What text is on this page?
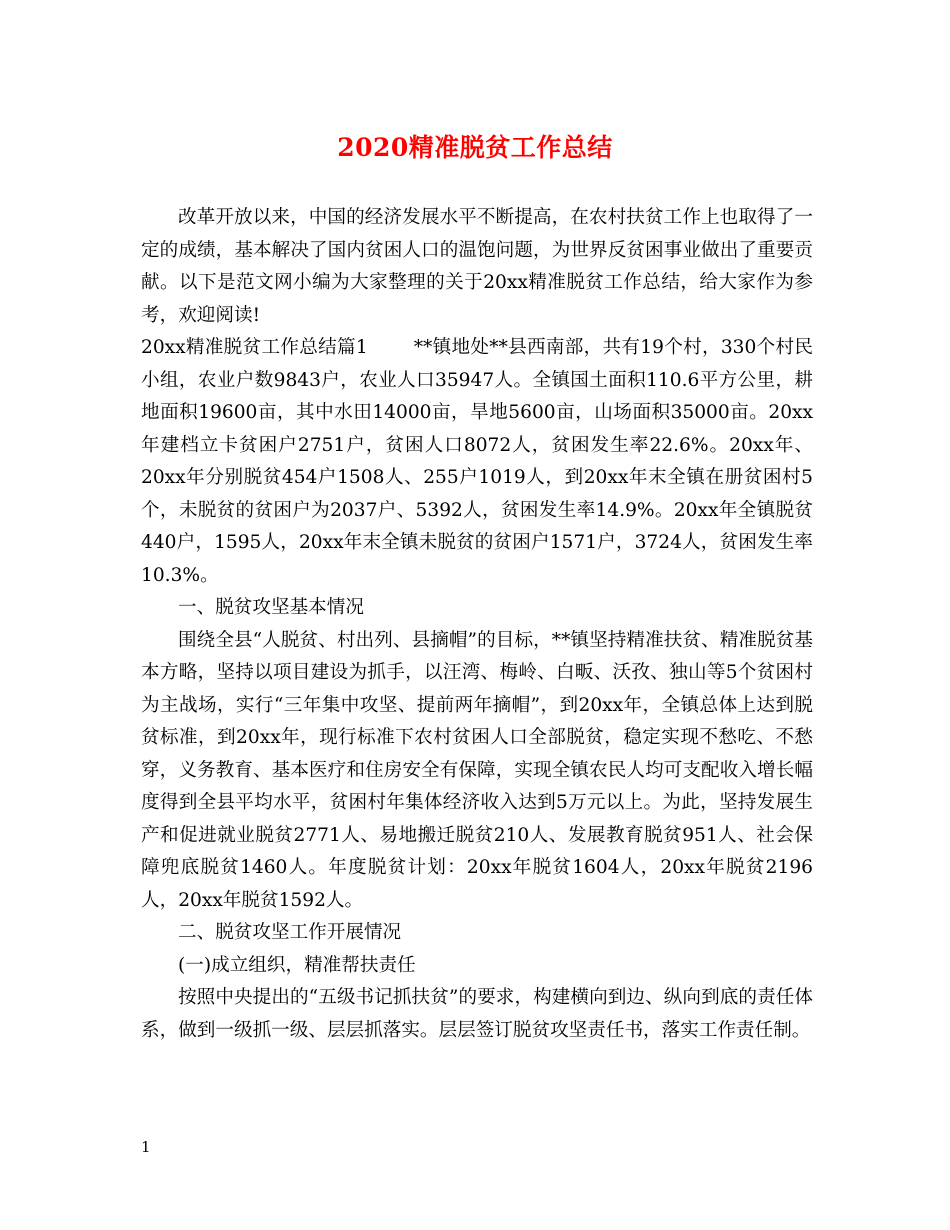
2020精准脱贫工作总结

改革开放以来，中国的经济发展水平不断提高，在农村扶贫工作上也取得了一定的成绩，基本解决了国内贫困人口的温饱问题，为世界反贫困事业做出了重要贡献。以下是范文网小编为大家整理的关于20xx精准脱贫工作总结，给大家作为参考，欢迎阅读!

20xx精准脱贫工作总结篇1 **镇地处**县西南部，共有19个村，330个村民小组，农业户数9843户，农业人口35947人。全镇国土面积110.6平方公里，耕地面积19600亩，其中水田14000亩，旱地5600亩，山场面积35000亩。20xx年建档立卡贫困户2751户，贫困人口8072人，贫困发生率22.6%。20xx年、20xx年分别脱贫454户1508人、255户1019人，到20xx年末全镇在册贫困村5个，未脱贫的贫困户为2037户、5392人，贫困发生率14.9%。20xx年全镇脱贫440户，1595人，20xx年末全镇未脱贫的贫困户1571户，3724人，贫困发生率10.3%。

一、脱贫攻坚基本情况

围绕全县“人脱贫、村出列、县摘帽”的目标，**镇坚持精准扶贫、精准脱贫基本方略，坚持以项目建设为抓手，以汪湾、梅岭、白畈、沃孜、独山等5个贫困村为主战场，实行“三年集中攻坚、提前两年摘帽”，到20xx年，全镇总体上达到脱贫标准，到20xx年，现行标准下农村贫困人口全部脱贫，稳定实现不愁吃、不愁穿，义务教育、基本医疗和住房安全有保障，实现全镇农民人均可支配收入增长幅度得到全县平均水平，贫困村年集体经济收入达到5万元以上。为此，坚持发展生产和促进就业脱贫2771人、易地搬迁脱贫210人、发展教育脱贫951人、社会保障兜底脱贫1460人。年度脱贫计划：20xx年脱贫1604人，20xx年脱贫2196人，20xx年脱贫1592人。

二、脱贫攻坚工作开展情况

(一)成立组织，精准帮扶责任

按照中央提出的“五级书记抓扶贫”的要求，构建横向到边、纵向到底的责任体系，做到一级抓一级、层层抓落实。层层签订脱贫攻坚责任书，落实工作责任制。

1
